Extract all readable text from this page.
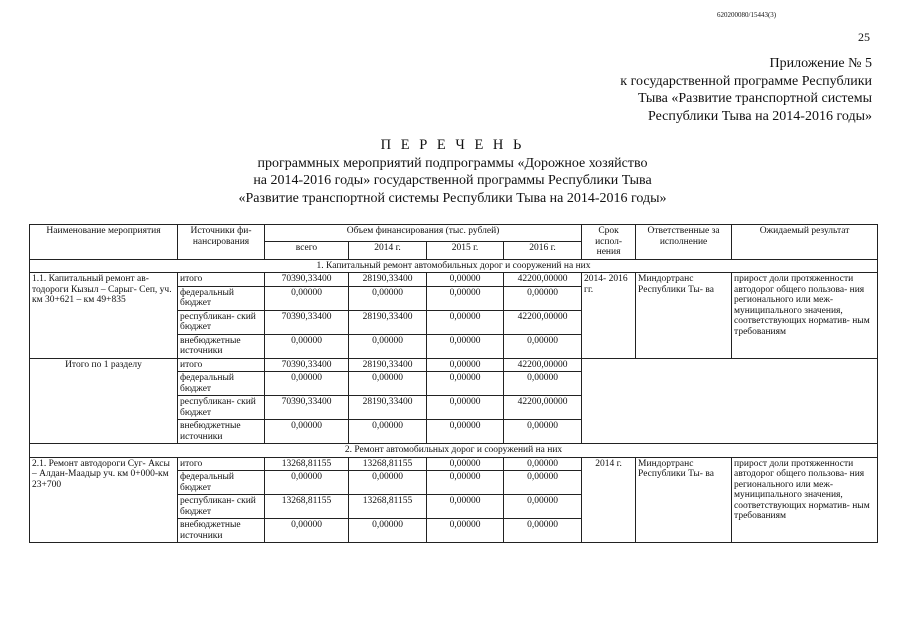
620200080/15443(3)
25
Приложение № 5
к государственной программе Республики
Тыва «Развитие транспортной системы
Республики Тыва на 2014-2016 годы»
П Е Р Е Ч Е Н Ь
программных мероприятий подпрограммы «Дорожное хозяйство
на 2014-2016 годы» государственной программы Республики Тыва
«Развитие транспортной системы Республики Тыва на 2014-2016 годы»
Наименование мероприятия	Источники фи- нансирования	Объем финансирования (тыс. рублей)				Срок испол- нения	Ответственные за исполнение	Ожидаемый результат
		всего	2014 г.	2015 г.	2016 г.			
1. Капитальный ремонт автомобильных дорог и сооружений на них								
1.1. Капитальный ремонт ав- тодороги Кызыл – Сарыг- Сеп, уч. км 30+621 – км 49+835	итого	70390,33400	28190,33400	0,00000	42200,00000	2014- 2016 гг.	Миндортранс Республики Ты- ва	прирост доли протяженности автодорог общего пользова- ния регионального или меж- муниципального значения, соответствующих норматив- ным требованиям
	федеральный бюджет	0,00000	0,00000	0,00000	0,00000			
	республикан- ский бюджет	70390,33400	28190,33400	0,00000	42200,00000			
	внебюджетные источники	0,00000	0,00000	0,00000	0,00000			
Итого по 1 разделу	итого	70390,33400	28190,33400	0,00000	42200,00000			
	федеральный бюджет	0,00000	0,00000	0,00000	0,00000			
	республикан- ский бюджет	70390,33400	28190,33400	0,00000	42200,00000			
	внебюджетные источники	0,00000	0,00000	0,00000	0,00000			
2. Ремонт автомобильных дорог и сооружений на них								
2.1. Ремонт автодороги Суг- Аксы – Алдан-Маадыр уч. км 0+000-км 23+700	итого	13268,81155	13268,81155	0,00000	0,00000	2014 г.	Миндортранс Республики Ты- ва	прирост доли протяженности автодорог общего пользова- ния регионального или меж- муниципального значения, соответствующих норматив- ным требованиям
	федеральный бюджет	0,00000	0,00000	0,00000	0,00000			
	республикан- ский бюджет	13268,81155	13268,81155	0,00000	0,00000			
	внебюджетные источники	0,00000	0,00000	0,00000	0,00000			
